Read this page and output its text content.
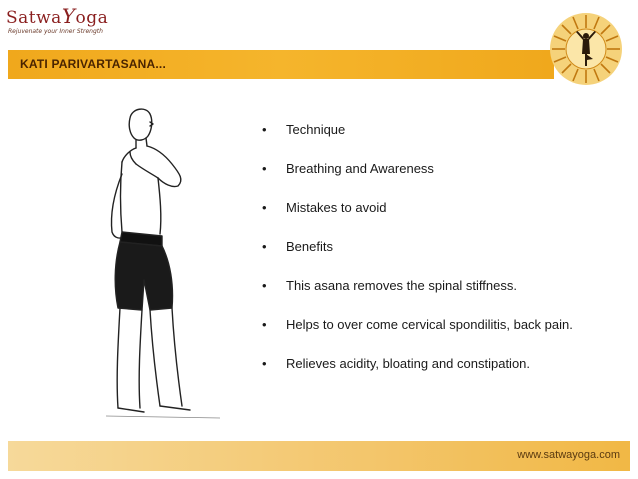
SatwaYoga
Rejuvenate your Inner Strength
KATI PARIVARTASANA...
•	Technique
•	Breathing and Awareness
•	Mistakes to avoid
•	Benefits
•	This asana removes the spinal stiffness.
•	Helps to over come cervical spondilitis, back pain.
•	Relieves acidity, bloating and constipation.
www.satwayoga.com
